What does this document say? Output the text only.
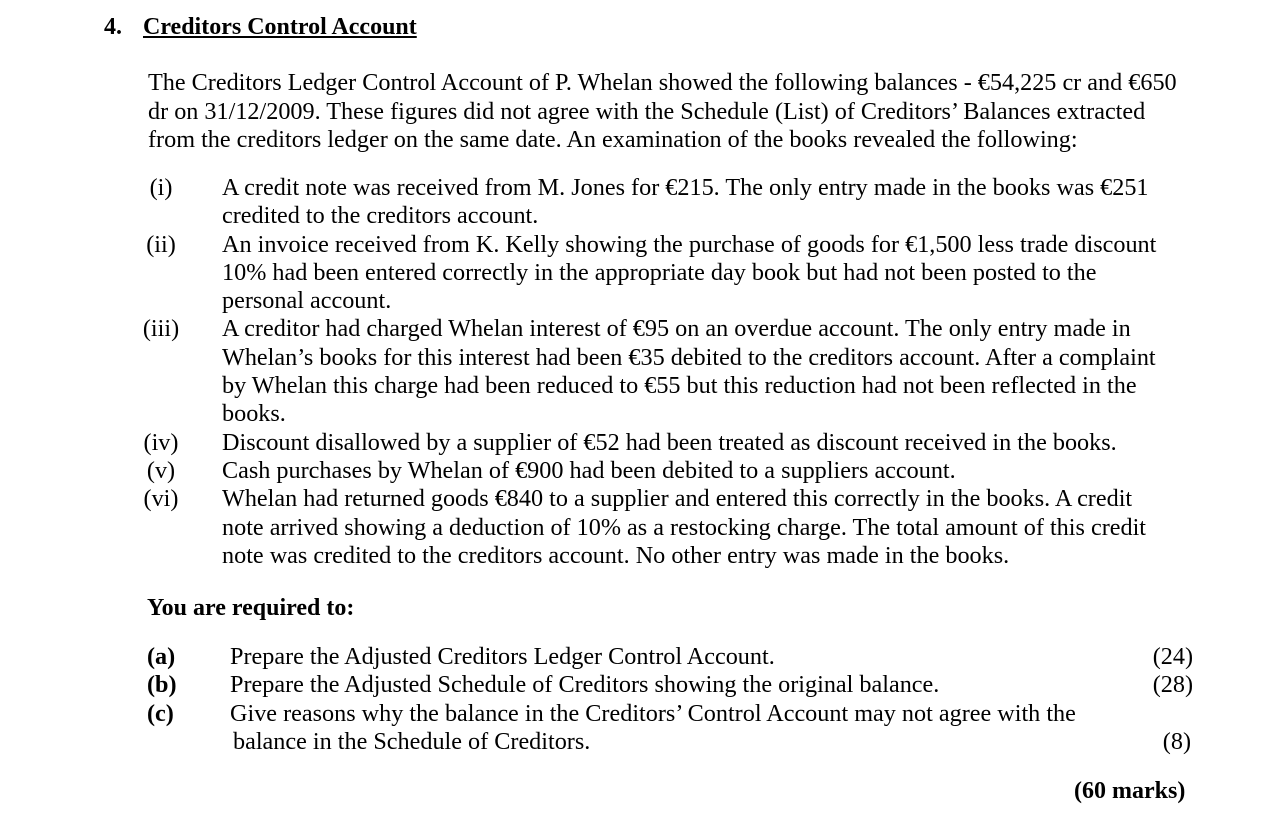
4. Creditors Control Account
The Creditors Ledger Control Account of P. Whelan showed the following balances - €54,225 cr and €650
dr on 31/12/2009. These figures did not agree with the Schedule (List) of Creditors’ Balances extracted
from the creditors ledger on the same date. An examination of the books revealed the following:
(i)	A credit note was received from M. Jones for €215. The only entry made in the books was €251
credited to the creditors account.
(ii)	An invoice received from K. Kelly showing the purchase of goods for €1,500 less trade discount
10% had been entered correctly in the appropriate day book but had not been posted to the
personal account.
(iii)	A creditor had charged Whelan interest of €95 on an overdue account. The only entry made in
Whelan’s books for this interest had been €35 debited to the creditors account. After a complaint
by Whelan this charge had been reduced to €55 but this reduction had not been reflected in the
books.
(iv)	Discount disallowed by a supplier of €52 had been treated as discount received in the books.
(v)	Cash purchases by Whelan of €900 had been debited to a suppliers account.
(vi)	Whelan had returned goods €840 to a supplier and entered this correctly in the books. A credit
note arrived showing a deduction of 10% as a restocking charge. The total amount of this credit
note was credited to the creditors account. No other entry was made in the books.
You are required to:
(a)	Prepare the Adjusted Creditors Ledger Control Account.	(24)
(b)	Prepare the Adjusted Schedule of Creditors showing the original balance.	(28)
(c)	Give reasons why the balance in the Creditors’ Control Account may not agree with the
balance in the Schedule of Creditors.	(8)
(60 marks)
